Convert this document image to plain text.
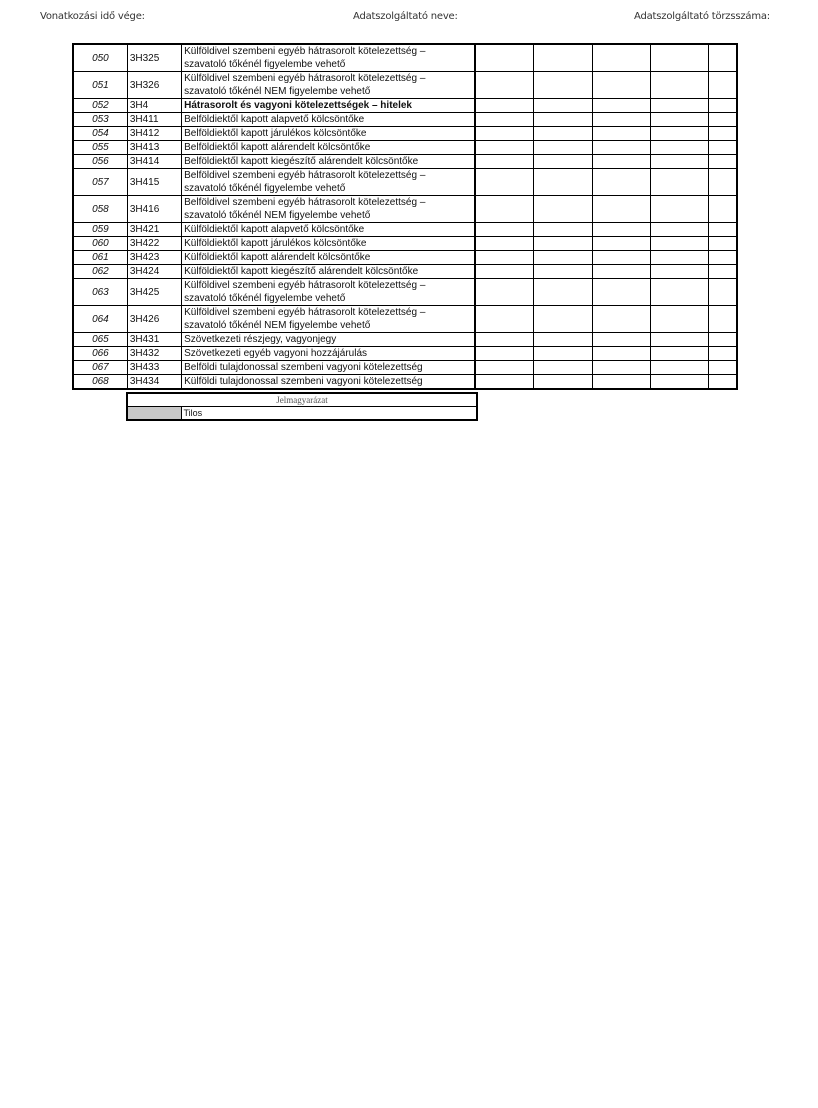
Vonatkozási idő vége:	Adatszolgáltató neve:	Adatszolgáltató törzsszáma:
050	3H325	Külföldivel szembeni egyéb hátrasorolt kötelezettség –
szavatoló tőkénél figyelembe vehető					

051	3H326	Külföldivel szembeni egyéb hátrasorolt kötelezettség –
szavatoló tőkénél NEM figyelembe vehető					

052	3H4	Hátrasorolt és vagyoni kötelezettségek – hitelek					

053	3H411	Belföldiektől kapott alapvető kölcsöntőke					

054	3H412	Belföldiektől kapott járulékos kölcsöntőke					

055	3H413	Belföldiektől kapott alárendelt kölcsöntőke					

056	3H414	Belföldiektől kapott kiegészítő alárendelt kölcsöntőke					

057	3H415	Belföldivel szembeni egyéb hátrasorolt kötelezettség –
szavatoló tőkénél figyelembe vehető					

058	3H416	Belföldivel szembeni egyéb hátrasorolt kötelezettség –
szavatoló tőkénél NEM figyelembe vehető					

059	3H421	Külföldiektől kapott alapvető kölcsöntőke					

060	3H422	Külföldiektől kapott járulékos kölcsöntőke					

061	3H423	Külföldiektől kapott alárendelt kölcsöntőke					

062	3H424	Külföldiektől kapott kiegészítő alárendelt kölcsöntőke					

063	3H425	Külföldivel szembeni egyéb hátrasorolt kötelezettség –
szavatoló tőkénél figyelembe vehető					

064	3H426	Külföldivel szembeni egyéb hátrasorolt kötelezettség –
szavatoló tőkénél NEM figyelembe vehető					

065	3H431	Szövetkezeti részjegy, vagyonjegy					

066	3H432	Szövetkezeti egyéb vagyoni hozzájárulás					

067	3H433	Belföldi tulajdonossal szembeni vagyoni kötelezettség					

068	3H434	Külföldi tulajdonossal szembeni vagyoni kötelezettség					

Jelmagyarázat
	Tilos
